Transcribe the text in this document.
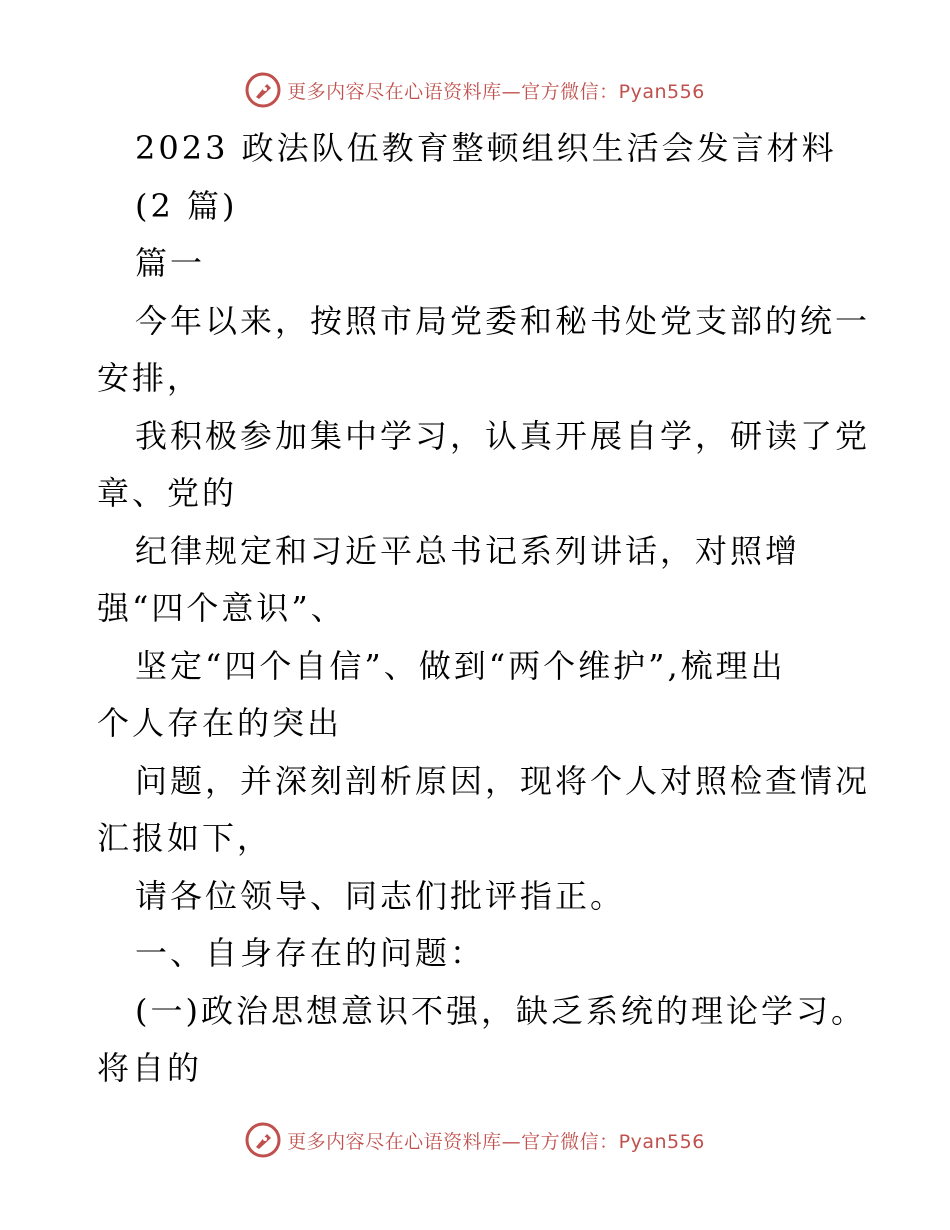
更多内容尽在心语资料库—官方微信：Pyan556
2023 政法队伍教育整顿组织生活会发言材料
(2 篇)
篇一
今年以来，按照市局党委和秘书处党支部的统一
安排，
我积极参加集中学习，认真开展自学，研读了党
章、党的
纪律规定和习近平总书记系列讲话，对照增
强“四个意识”、
坚定“四个自信”、做到“两个维护”,梳理出
个人存在的突出
问题，并深刻剖析原因，现将个人对照检查情况
汇报如下，
请各位领导、同志们批评指正。
一、自身存在的问题：
(一)政治思想意识不强，缺乏系统的理论学习。
将自的
更多内容尽在心语资料库—官方微信：Pyan556
